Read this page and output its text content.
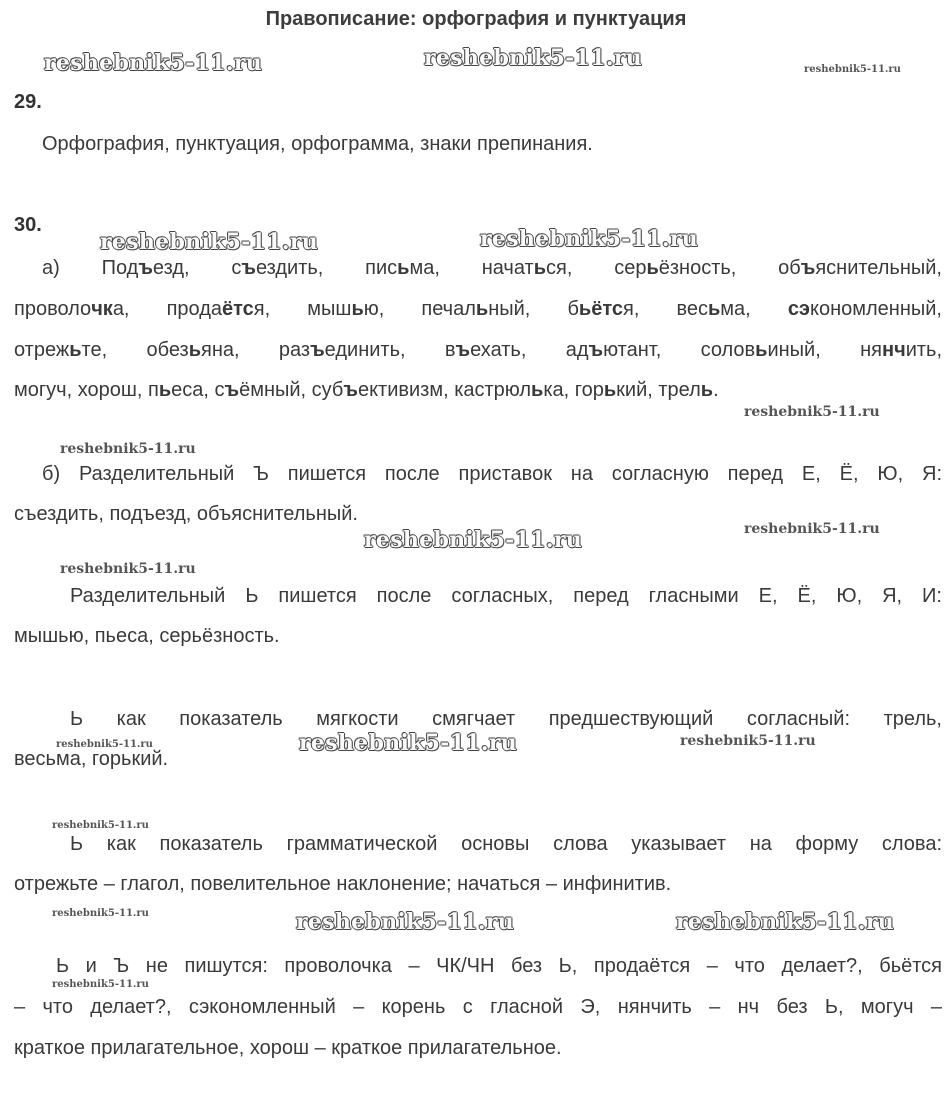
Правописание: орфография и пунктуация
reshebnik5-11.ru	reshebnik5-11.ru	reshebnik5-11.ru
reshebnik5-11.ru	reshebnik5-11.ru
reshebnik5-11.ru
reshebnik5-11.ru
reshebnik5-11.ru
reshebnik5-11.ru
reshebnik5-11.ru
reshebnik5-11.ru	reshebnik5-11.ru	reshebnik5-11.ru
reshebnik5-11.ru
reshebnik5-11.ru	reshebnik5-11.ru	reshebnik5-11.ru
reshebnik5-11.ru
29.
Орфография, пунктуация, орфограмма, знаки препинания.
30.
а) Подъезд, съездить, письма, начаться, серьёзность, объяснительный,
проволочка, продаётся, мышью, печальный, бьётся, весьма, сэкономленный,
отрежьте, обезьяна, разъединить, въехать, адъютант, соловьиный, нянчить,
могуч, хорош, пьеса, съёмный, субъективизм, кастрюлька, горький, трель.
б) Разделительный Ъ пишется после приставок на согласную перед Е, Ё, Ю, Я:
съездить, подъезд, объяснительный.
Разделительный Ь пишется после согласных, перед гласными Е, Ё, Ю, Я, И:
мышью, пьеса, серьёзность.
Ь как показатель мягкости смягчает предшествующий согласный: трель,
весьма, горький.
Ь как показатель грамматической основы слова указывает на форму слова:
отрежьте – глагол, повелительное наклонение; начаться – инфинитив.
Ь и Ъ не пишутся: проволочка – ЧК/ЧН без Ь, продаётся – что делает?, бьётся
– что делает?, сэкономленный – корень с гласной Э, нянчить – нч без Ь, могуч –
краткое прилагательное, хорош – краткое прилагательное.
